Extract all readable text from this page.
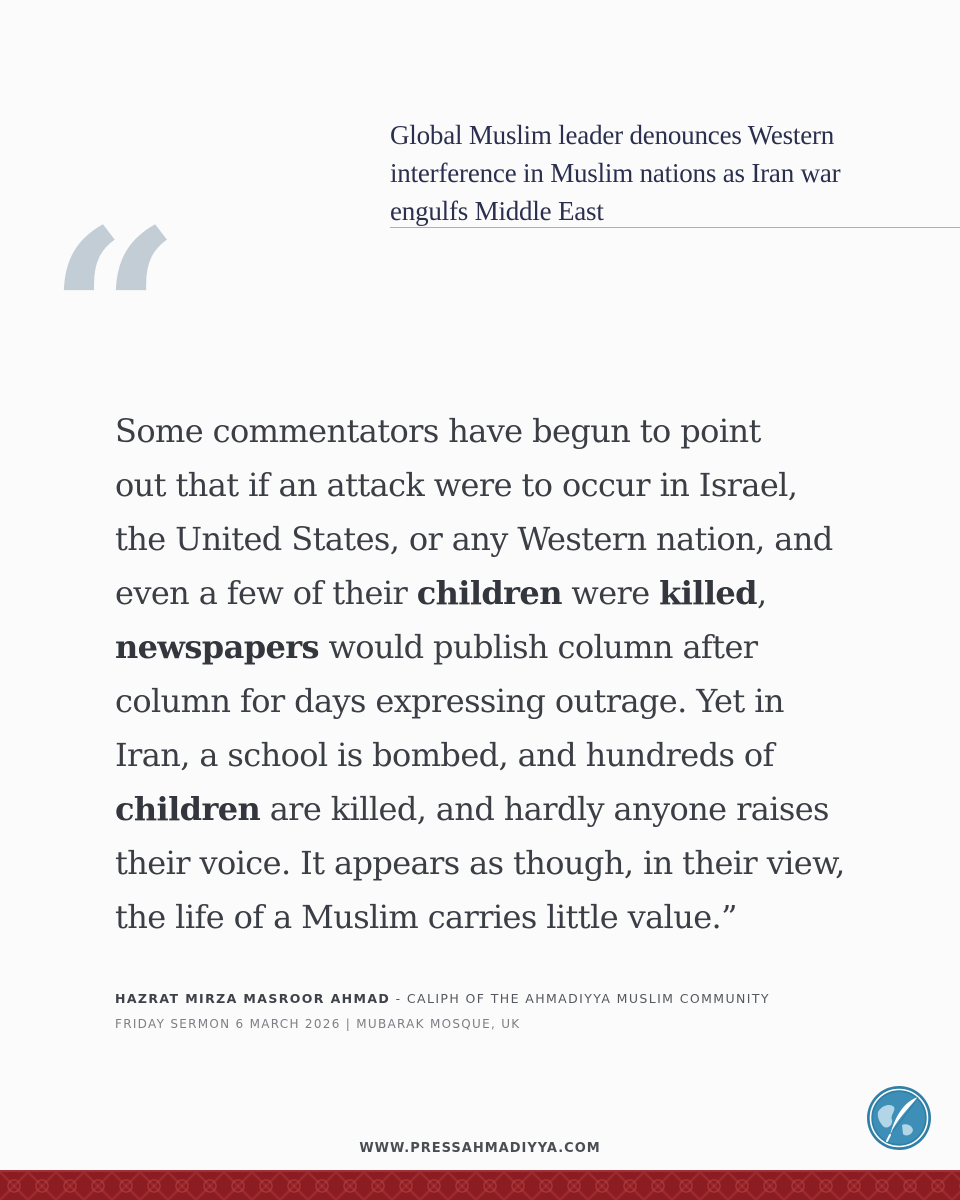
Global Muslim leader denounces Western
interference in Muslim nations as Iran war
engulfs Middle East
“
Some commentators have begun to point
out that if an attack were to occur in Israel,
the United States, or any Western nation, and
even a few of their children were killed,
newspapers would publish column after
column for days expressing outrage. Yet in
Iran, a school is bombed, and hundreds of
children are killed, and hardly anyone raises
their voice. It appears as though, in their view,
the life of a Muslim carries little value.”
HAZRAT MIRZA MASROOR AHMAD - CALIPH OF THE AHMADIYYA MUSLIM COMMUNITY
FRIDAY SERMON 6 MARCH 2026 | MUBARAK MOSQUE, UK
WWW.PRESSAHMADIYYA.COM
